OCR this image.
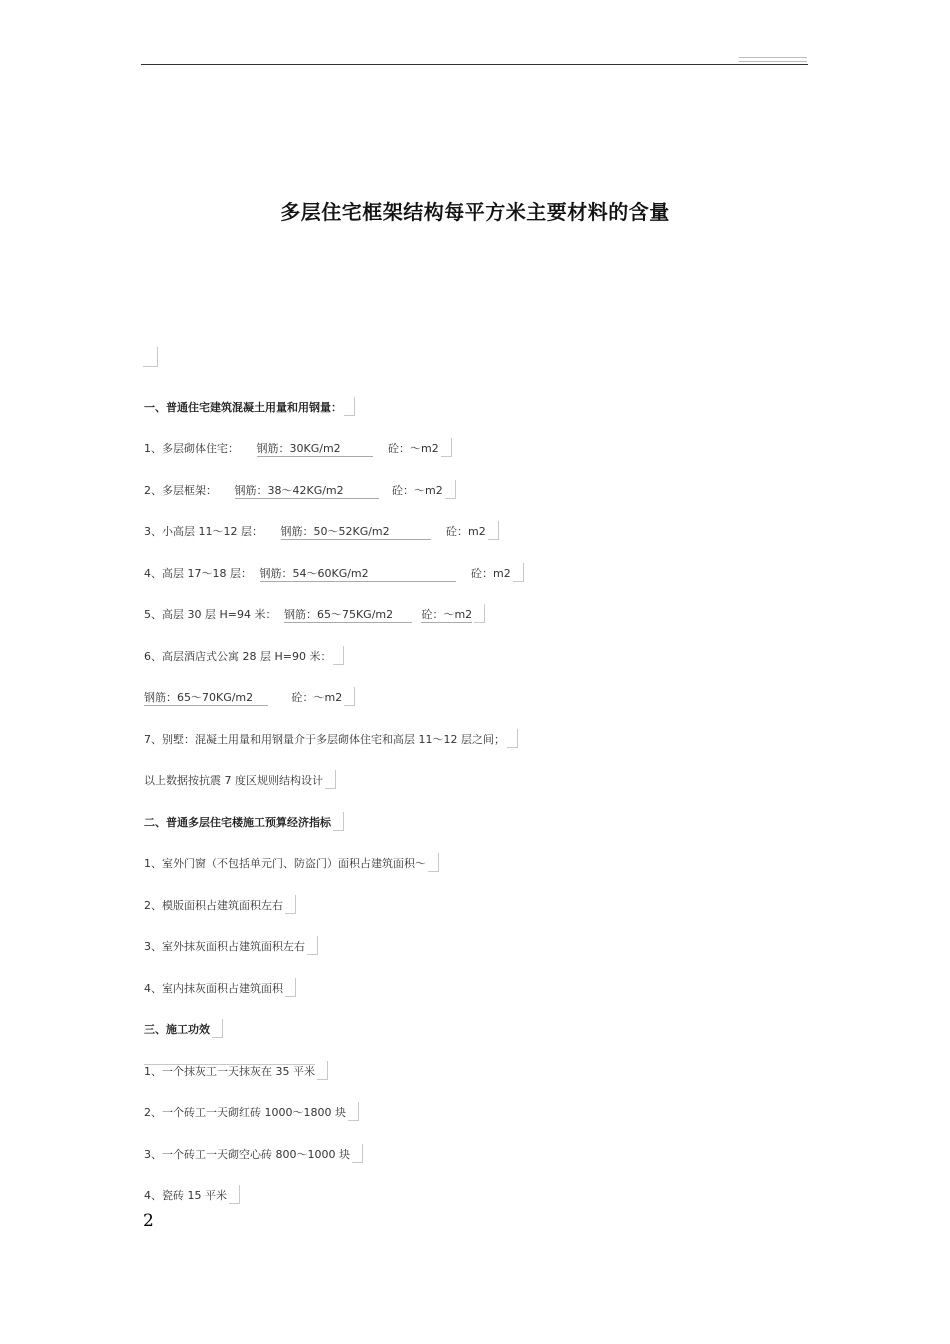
多层住宅框架结构每平方米主要材料的含量
一、普通住宅建筑混凝土用量和用钢量：
1、多层砌体住宅： 钢筋：30KG/m2	砼：～m2
2、多层框架： 钢筋：38～42KG/m2	砼：～m2
3、小高层 11～12 层： 钢筋：50～52KG/m2	砼：m2
4、高层 17～18 层： 钢筋：54～60KG/m2	砼：m2
5、高层 30 层 H=94 米： 钢筋：65～75KG/m2	砼：～m2
6、高层酒店式公寓 28 层 H=90 米：
钢筋：65～70KG/m2	砼：～m2
7、别墅：混凝土用量和用钢量介于多层砌体住宅和高层 11～12 层之间；
以上数据按抗震 7 度区规则结构设计
二、普通多层住宅楼施工预算经济指标
1、室外门窗（不包括单元门、防盗门）面积占建筑面积～
2、模版面积占建筑面积左右
3、室外抹灰面积占建筑面积左右
4、室内抹灰面积占建筑面积
三、施工功效
1、一个抹灰工一天抹灰在 35 平米
2、一个砖工一天砌红砖 1000～1800 块
3、一个砖工一天砌空心砖 800～1000 块
4、瓷砖 15 平米
2
